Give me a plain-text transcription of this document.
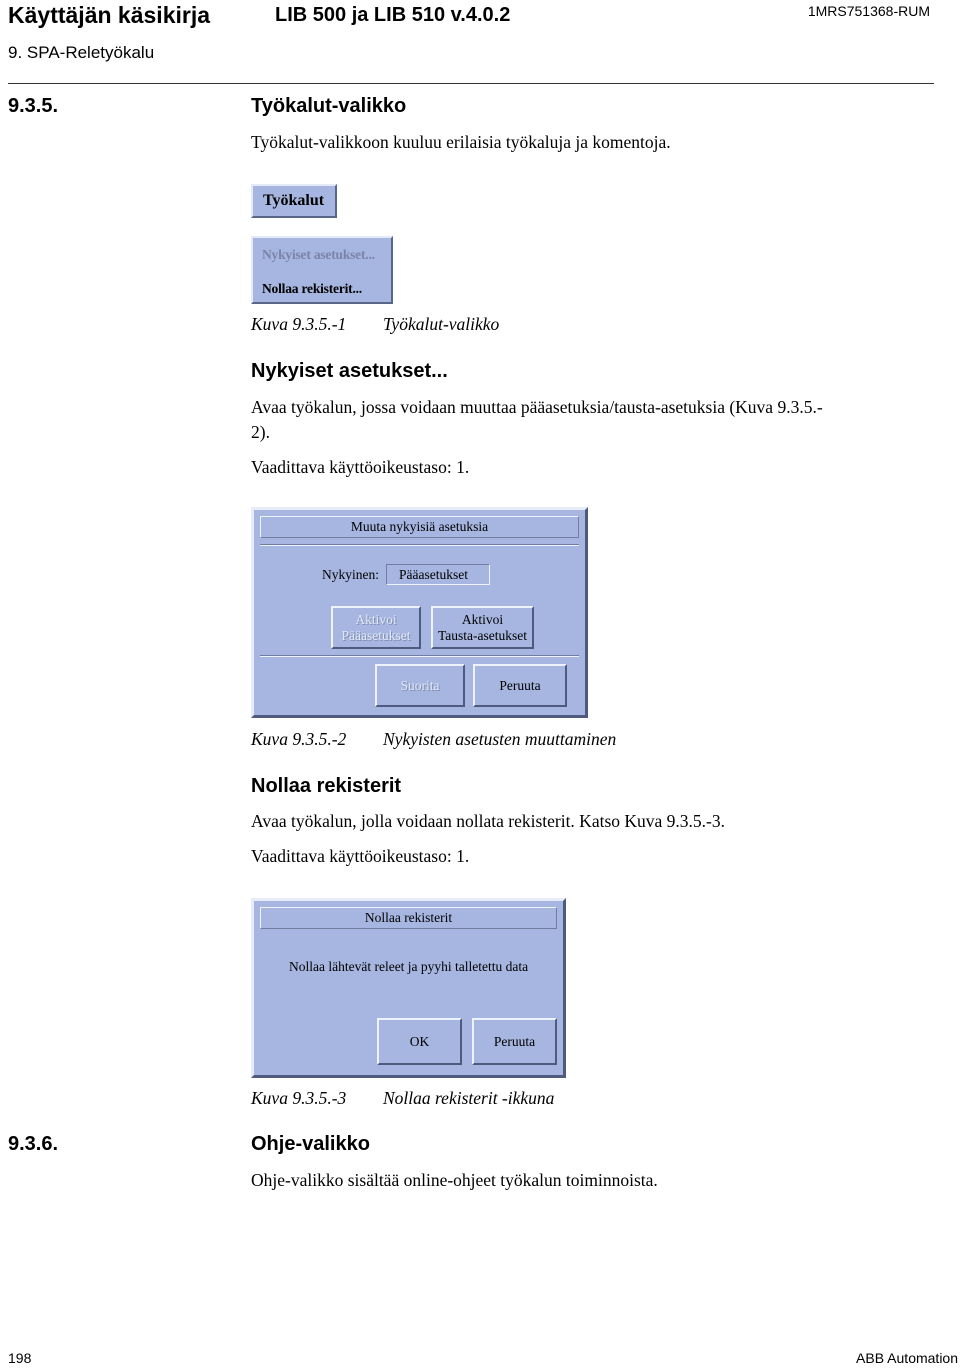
Käyttäjän käsikirja	LIB 500 ja LIB 510 v.4.0.2	1MRS751368-RUM
9. SPA-Reletyökalu
9.3.5.	Työkalut-valikko
Työkalut-valikkoon kuuluu erilaisia työkaluja ja komentoja.
Työkalut
Nykyiset asetukset...
Nollaa rekisterit...
Kuva 9.3.5.-1 Työkalut-valikko
Nykyiset asetukset...
Avaa työkalun, jossa voidaan muuttaa pääasetuksia/tausta-asetuksia (Kuva 9.3.5.-
2).
Vaadittava käyttöoikeustaso: 1.
Muuta nykyisiä asetuksia
Nykyinen:	Pääasetukset
Aktivoi
Pääasetukset
Aktivoi
Tausta-asetukset
Suorita	Peruuta
Kuva 9.3.5.-2 Nykyisten asetusten muuttaminen
Nollaa rekisterit
Avaa työkalun, jolla voidaan nollata rekisterit. Katso Kuva 9.3.5.-3.
Vaadittava käyttöoikeustaso: 1.
Nollaa rekisterit
Nollaa lähtevät releet ja pyyhi talletettu data
OK	Peruuta
Kuva 9.3.5.-3 Nollaa rekisterit -ikkuna
9.3.6.	Ohje-valikko
Ohje-valikko sisältää online-ohjeet työkalun toiminnoista.
198	ABB Automation
